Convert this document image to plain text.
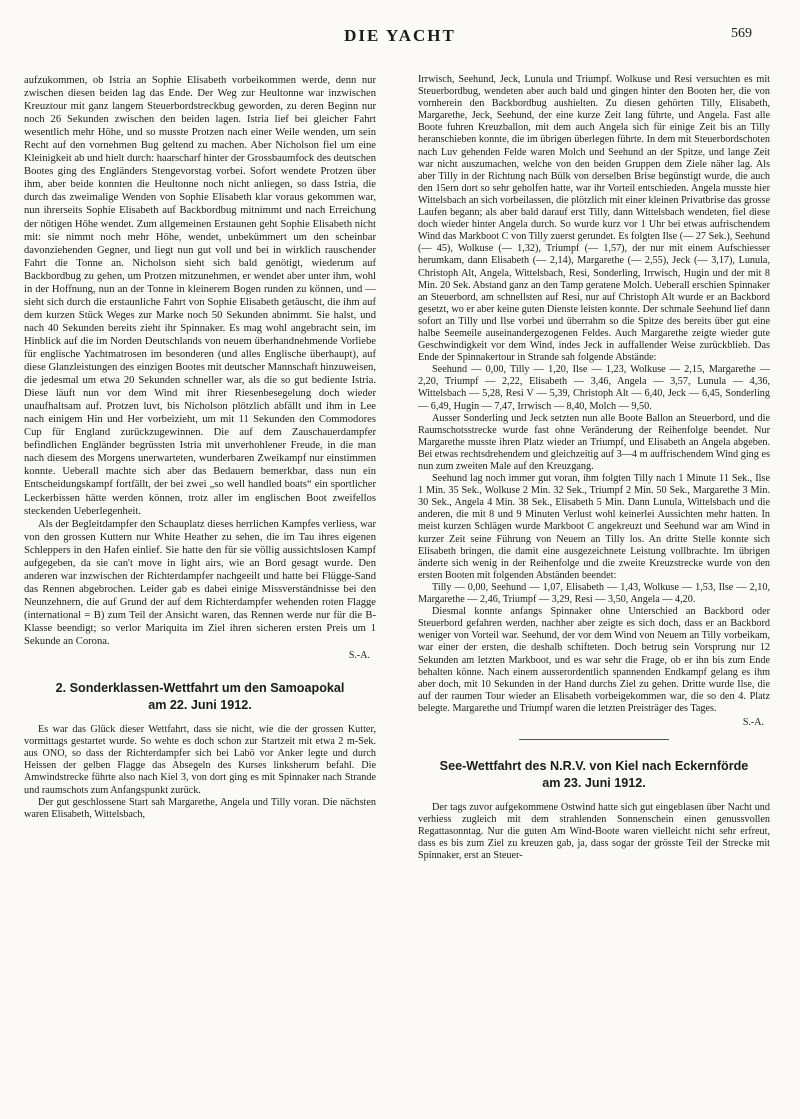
DIE YACHT	569

aufzukommen, ob Istria an Sophie Elisabeth vorbeikommen werde, denn nur zwischen diesen beiden lag das Ende. Der Weg zur Heultonne war inzwischen Kreuztour mit ganz langem Steuerbordstreckbug geworden, zu deren Beginn nur noch 26 Sekunden zwischen den beiden lagen. Istria lief bei gleicher Fahrt wesentlich mehr Höhe, und so musste Protzen nach einer Weile wenden, um sein Recht auf den vornehmen Bug geltend zu machen. Aber Nicholson fiel um eine Kleinigkeit ab und hielt durch: haarscharf hinter der Grossbaumfock des deutschen Bootes ging des Engländers Stengevorstag vorbei. Sofort wendete Protzen über ihm, aber beide konnten die Heultonne noch nicht anliegen, so dass Istria, die durch das zweimalige Wenden von Sophie Elisabeth klar voraus gekommen war, nun ihrerseits Sophie Elisabeth auf Backbordbug mitnimmt und nach Erreichung der nötigen Höhe wendet. Zum allgemeinen Erstaunen geht Sophie Elisabeth nicht mit: sie nimmt noch mehr Höhe, wendet, unbekümmert um den scheinbar davonziehenden Gegner, und liegt nun gut voll und bei in wirklich rauschender Fahrt die Tonne an. Nicholson sieht sich bald genötigt, wiederum auf Backbordbug zu gehen, um Protzen mitzunehmen, er wendet aber unter ihm, wohl in der Hoffnung, nun an der Tonne in kleinerem Bogen runden zu können, und — sieht sich durch die erstaunliche Fahrt von Sophie Elisabeth getäuscht, die ihm auf dem kurzen Stück Weges zur Marke noch 50 Sekunden abnimmt. Sie halst, und nach 40 Sekunden bereits zieht ihr Spinnaker. Es mag wohl angebracht sein, im Hinblick auf die im Norden Deutschlands von neuem überhandnehmende Vorliebe für englische Yachtmatrosen im besonderen (und alles Englische überhaupt), auf diese Glanzleistungen des einzigen Bootes mit deutscher Mannschaft hinzuweisen, die jedesmal um etwa 20 Sekunden schneller war, als die so gut bediente Istria. Diese läuft nun vor dem Wind mit ihrer Riesenbesegelung doch wieder unaufhaltsam auf. Protzen luvt, bis Nicholson plötzlich abfällt und ihm in Lee nach einigem Hin und Her vorbeizieht, um mit 11 Sekunden den Commodores Cup für England zurückzugewinnen. Die auf dem Zauschauerdampfer befindlichen Engländer begrüssten Istria mit unverhohlener Freude, in die man nach diesem des Morgens unerwarteten, wunderbaren Zweikampf nur einstimmen konnte. Ueberall machte sich aber das Bedauern bemerkbar, dass nun ein Entscheidungskampf fortfällt, der bei zwei „so well handled boats“ ein sportlicher Leckerbissen hätte werden können, trotz aller im englischen Boot zweifellos steckenden Ueberlegenheit.

Als der Begleitdampfer den Schauplatz dieses herrlichen Kampfes verliess, war von den grossen Kuttern nur White Heather zu sehen, die im Tau ihres eigenen Schleppers in den Hafen einlief. Sie hatte den für sie völlig aussichtslosen Kampf aufgegeben, da sie can't move in light airs, wie an Bord gesagt wurde. Den anderen war inzwischen der Richterdampfer nachgeeilt und hatte bei Flügge-Sand das Rennen abgebrochen. Leider gab es dabei einige Missverständnisse bei den Neunzehnern, die auf Grund der auf dem Richterdampfer wehenden roten Flagge (international = B) zum Teil der Ansicht waren, das Rennen werde nur für die B-Klasse beendigt; so verlor Mariquita im Ziel ihren sicheren ersten Preis um 1 Sekunde an Corona.

S.-A.
2. Sonderklassen-Wettfahrt um den Samoapokal
am 22. Juni 1912.

Es war das Glück dieser Wettfahrt, dass sie nicht, wie die der grossen Kutter, vormittags gestartet wurde. So wehte es doch schon zur Startzeit mit etwa 2 m-Sek. aus ONO, so dass der Richterdampfer sich bei Labö vor Anker legte und durch Heissen der gelben Flagge das Absegeln des Kurses linksherum befahl. Die Amwindstrecke führte also nach Kiel 3, von dort ging es mit Spinnaker nach Strande und raumschots zum Anfangspunkt zurück.

Der gut geschlossene Start sah Margarethe, Angela und Tilly voran. Die nächsten waren Elisabeth, Wittelsbach,

Irrwisch, Seehund, Jeck, Lunula und Triumpf. Wolkuse und Resi versuchten es mit Steuerbordbug, wendeten aber auch bald und gingen hinter den Booten her, die von vornherein den Backbordbug aushielten. Zu diesen gehörten Tilly, Elisabeth, Margarethe, Jeck, Seehund, der eine kurze Zeit lang führte, und Angela. Fast alle Boote fuhren Kreuzballon, mit dem auch Angela sich für einige Zeit bis an Tilly heranschieben konnte, die im übrigen überlegen führte. In dem mit Steuerbordschoten nach Luv gehenden Felde waren Molch und Seehund an der Spitze, und lange Zeit war nicht auszumachen, welche von den beiden Gruppen dem Ziele näher lag. Als aber Tilly in der Richtung nach Bülk von derselben Brise begünstigt wurde, die auch den 15ern dort so sehr geholfen hatte, war ihr Vorteil entschieden. Angela musste hier Wittelsbach an sich vorbeilassen, die plötzlich mit einer kleinen Privatbrise das grosse Laufen begann; als aber bald darauf erst Tilly, dann Wittelsbach wendeten, fiel diese doch wieder hinter Angela durch. So wurde kurz vor 1 Uhr bei etwas aufrischendem Wind das Markboot C von Tilly zuerst gerundet. Es folgten Ilse (— 27 Sek.), Seehund (— 45), Wolkuse (— 1,32), Triumpf (— 1,57), der nur mit einem Aufschiesser herumkam, dann Elisabeth (— 2,14), Margarethe (— 2,55), Jeck (— 3,17), Lunula, Christoph Alt, Angela, Wittelsbach, Resi, Sonderling, Irrwisch, Hugin und der mit 8 Min. 20 Sek. Abstand ganz an den Tamp geratene Molch. Ueberall erschien Spinnaker an Steuerbord, am schnellsten auf Resi, nur auf Christoph Alt wurde er an Backbord gesetzt, wo er aber keine guten Dienste leisten konnte. Der schmale Seehund lief dann sofort an Tilly und Ilse vorbei und überrahm so die Spitze des bereits über gut eine halbe Seemeile auseinandergezogenen Feldes. Auch Margarethe zeigte wieder gute Geschwindigkeit vor dem Wind, indes Jeck in auffallender Weise zurückblieb. Das Ende der Spinnakertour in Strande sah folgende Abstände:

Seehund — 0,00, Tilly — 1,20, Ilse — 1,23, Wolkuse — 2,15, Margarethe — 2,20, Triumpf — 2,22, Elisabeth — 3,46, Angela — 3,57, Lunula — 4,36, Wittelsbach — 5,28, Resi V — 5,39, Christoph Alt — 6,40, Jeck — 6,45, Sonderling — 6,49, Hugin — 7,47, Irrwisch — 8,40, Molch — 9,50.

Ausser Sonderling und Jeck setzten nun alle Boote Ballon an Steuerbord, und die Raumschotsstrecke wurde fast ohne Veränderung der Reihenfolge beendet. Nur Margarethe musste ihren Platz wieder an Triumpf, und Elisabeth an Angela abgeben. Bei etwas rechtsdrehendem und gleichzeitig auf 3—4 m auffrischendem Wind ging es nun zum zweiten Male auf den Kreuzgang.

Seehund lag noch immer gut voran, ihm folgten Tilly nach 1 Minute 11 Sek., Ilse 1 Min. 35 Sek., Wolkuse 2 Min. 32 Sek., Triumpf 2 Min. 50 Sek., Margarethe 3 Min. 30 Sek., Angela 4 Min. 38 Sek., Elisabeth 5 Min. Dann Lunula, Wittelsbach und die anderen, die mit 8 und 9 Minuten Verlust wohl keinerlei Aussichten mehr hatten. In meist kurzen Schlägen wurde Markboot C angekreuzt und Seehund war am Wind in kurzer Zeit seine Führung von Neuem an Tilly los. An dritte Stelle konnte sich Elisabeth bringen, die damit eine ausgezeichnete Leistung vollbrachte. Im übrigen änderte sich wenig in der Reihenfolge und die zweite Kreuzstrecke wurde von den ersten Booten mit folgenden Abständen beendet:

Tilly — 0,00, Seehund — 1,07, Elisabeth — 1,43, Wolkuse — 1,53, Ilse — 2,10, Margarethe — 2,46, Triumpf — 3,29, Resi — 3,50, Angela — 4,20.

Diesmal konnte anfangs Spinnaker ohne Unterschied an Backbord oder Steuerbord gefahren werden, nachher aber zeigte es sich doch, dass er an Backbord weniger von Vorteil war. Seehund, der vor dem Wind von Neuem an Tilly vorbeikam, war einer der ersten, die deshalb schifteten. Doch betrug sein Vorsprung nur 12 Sekunden am letzten Markboot, und es war sehr die Frage, ob er ihn bis zum Ende behalten könne. Nach einem ausserordentlich spannenden Endkampf gelang es ihm aber doch, mit 10 Sekunden in der Hand durchs Ziel zu gehen. Dritte wurde Ilse, die auf der raumen Tour wieder an Elisabeth vorbeigekommen war, die so den 4. Platz belegte. Margarethe und Triumpf waren die letzten Preisträger des Tages.

S.-A.
See-Wettfahrt des N.R.V. von Kiel nach Eckernförde
am 23. Juni 1912.

Der tags zuvor aufgekommene Ostwind hatte sich gut eingeblasen über Nacht und verhiess zugleich mit dem strahlenden Sonnenschein einen genussvollen Regattasonntag. Nur die guten Am Wind-Boote waren vielleicht nicht sehr erfreut, dass es bis zum Ziel zu kreuzen gab, ja, dass sogar der grösste Teil der Strecke mit Spinnaker, erst an Steuer-
